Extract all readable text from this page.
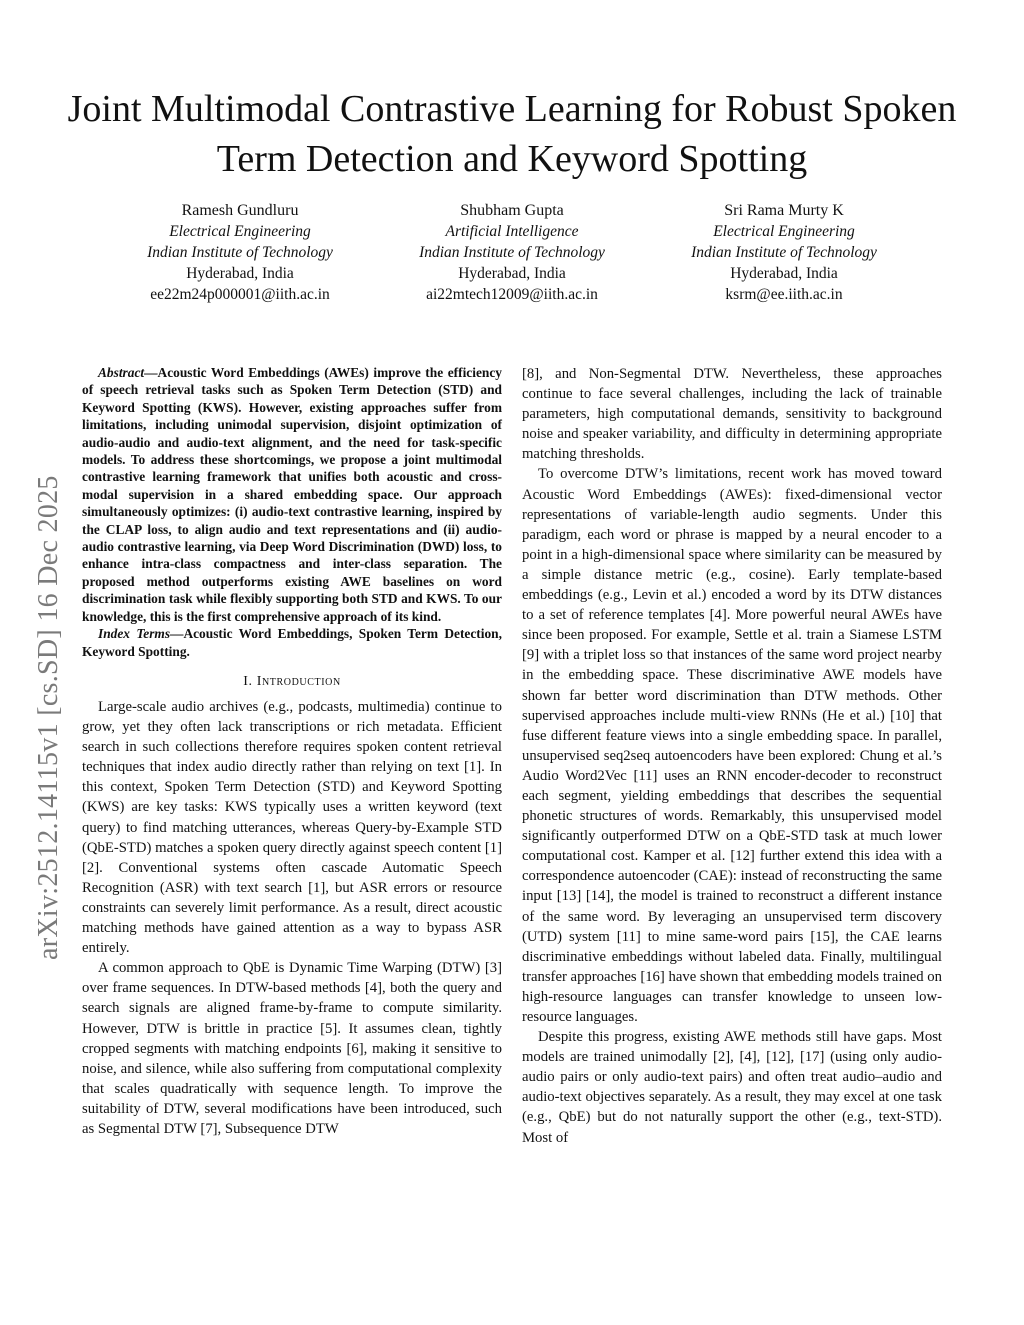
Joint Multimodal Contrastive Learning for Robust Spoken Term Detection and Keyword Spotting
Ramesh Gundluru
Electrical Engineering
Indian Institute of Technology
Hyderabad, India
ee22m24p000001@iith.ac.in
Shubham Gupta
Artificial Intelligence
Indian Institute of Technology
Hyderabad, India
ai22mtech12009@iith.ac.in
Sri Rama Murty K
Electrical Engineering
Indian Institute of Technology
Hyderabad, India
ksrm@ee.iith.ac.in
arXiv:2512.14115v1 [cs.SD] 16 Dec 2025

Abstract—Acoustic Word Embeddings (AWEs) improve the efficiency of speech retrieval tasks such as Spoken Term Detection (STD) and Keyword Spotting (KWS). However, existing approaches suffer from limitations, including unimodal supervision, disjoint optimization of audio-audio and audio-text alignment, and the need for task-specific models. To address these shortcomings, we propose a joint multimodal contrastive learning framework that unifies both acoustic and cross-modal supervision in a shared embedding space. Our approach simultaneously optimizes: (i) audio-text contrastive learning, inspired by the CLAP loss, to align audio and text representations and (ii) audio-audio contrastive learning, via Deep Word Discrimination (DWD) loss, to enhance intra-class compactness and inter-class separation. The proposed method outperforms existing AWE baselines on word discrimination task while flexibly supporting both STD and KWS. To our knowledge, this is the first comprehensive approach of its kind.

Index Terms—Acoustic Word Embeddings, Spoken Term Detection, Keyword Spotting.

I. Introduction

Large-scale audio archives (e.g., podcasts, multimedia) continue to grow, yet they often lack transcriptions or rich metadata. Efficient search in such collections therefore requires spoken content retrieval techniques that index audio directly rather than relying on text [1]. In this context, Spoken Term Detection (STD) and Keyword Spotting (KWS) are key tasks: KWS typically uses a written keyword (text query) to find matching utterances, whereas Query-by-Example STD (QbE-STD) matches a spoken query directly against speech content [1] [2]. Conventional systems often cascade Automatic Speech Recognition (ASR) with text search [1], but ASR errors or resource constraints can severely limit performance. As a result, direct acoustic matching methods have gained attention as a way to bypass ASR entirely.

A common approach to QbE is Dynamic Time Warping (DTW) [3] over frame sequences. In DTW-based methods [4], both the query and search signals are aligned frame-by-frame to compute similarity. However, DTW is brittle in practice [5]. It assumes clean, tightly cropped segments with matching endpoints [6], making it sensitive to noise, and silence, while also suffering from computational complexity that scales quadratically with sequence length. To improve the suitability of DTW, several modifications have been introduced, such as Segmental DTW [7], Subsequence DTW

[8], and Non-Segmental DTW. Nevertheless, these approaches continue to face several challenges, including the lack of trainable parameters, high computational demands, sensitivity to background noise and speaker variability, and difficulty in determining appropriate matching thresholds.

To overcome DTW’s limitations, recent work has moved toward Acoustic Word Embeddings (AWEs): fixed-dimensional vector representations of variable-length audio segments. Under this paradigm, each word or phrase is mapped by a neural encoder to a point in a high-dimensional space where similarity can be measured by a simple distance metric (e.g., cosine). Early template-based embeddings (e.g., Levin et al.) encoded a word by its DTW distances to a set of reference templates [4]. More powerful neural AWEs have since been proposed. For example, Settle et al. train a Siamese LSTM [9] with a triplet loss so that instances of the same word project nearby in the embedding space. These discriminative AWE models have shown far better word discrimination than DTW methods. Other supervised approaches include multi-view RNNs (He et al.) [10] that fuse different feature views into a single embedding space. In parallel, unsupervised seq2seq autoencoders have been explored: Chung et al.’s Audio Word2Vec [11] uses an RNN encoder-decoder to reconstruct each segment, yielding embeddings that describes the sequential phonetic structures of words. Remarkably, this unsupervised model significantly outperformed DTW on a QbE-STD task at much lower computational cost. Kamper et al. [12] further extend this idea with a correspondence autoencoder (CAE): instead of reconstructing the same input [13] [14], the model is trained to reconstruct a different instance of the same word. By leveraging an unsupervised term discovery (UTD) system [11] to mine same-word pairs [15], the CAE learns discriminative embeddings without labeled data. Finally, multilingual transfer approaches [16] have shown that embedding models trained on high-resource languages can transfer knowledge to unseen low-resource languages.

Despite this progress, existing AWE methods still have gaps. Most models are trained unimodally [2], [4], [12], [17] (using only audio-audio pairs or only audio-text pairs) and often treat audio–audio and audio-text objectives separately. As a result, they may excel at one task (e.g., QbE) but do not naturally support the other (e.g., text-STD). Most of
